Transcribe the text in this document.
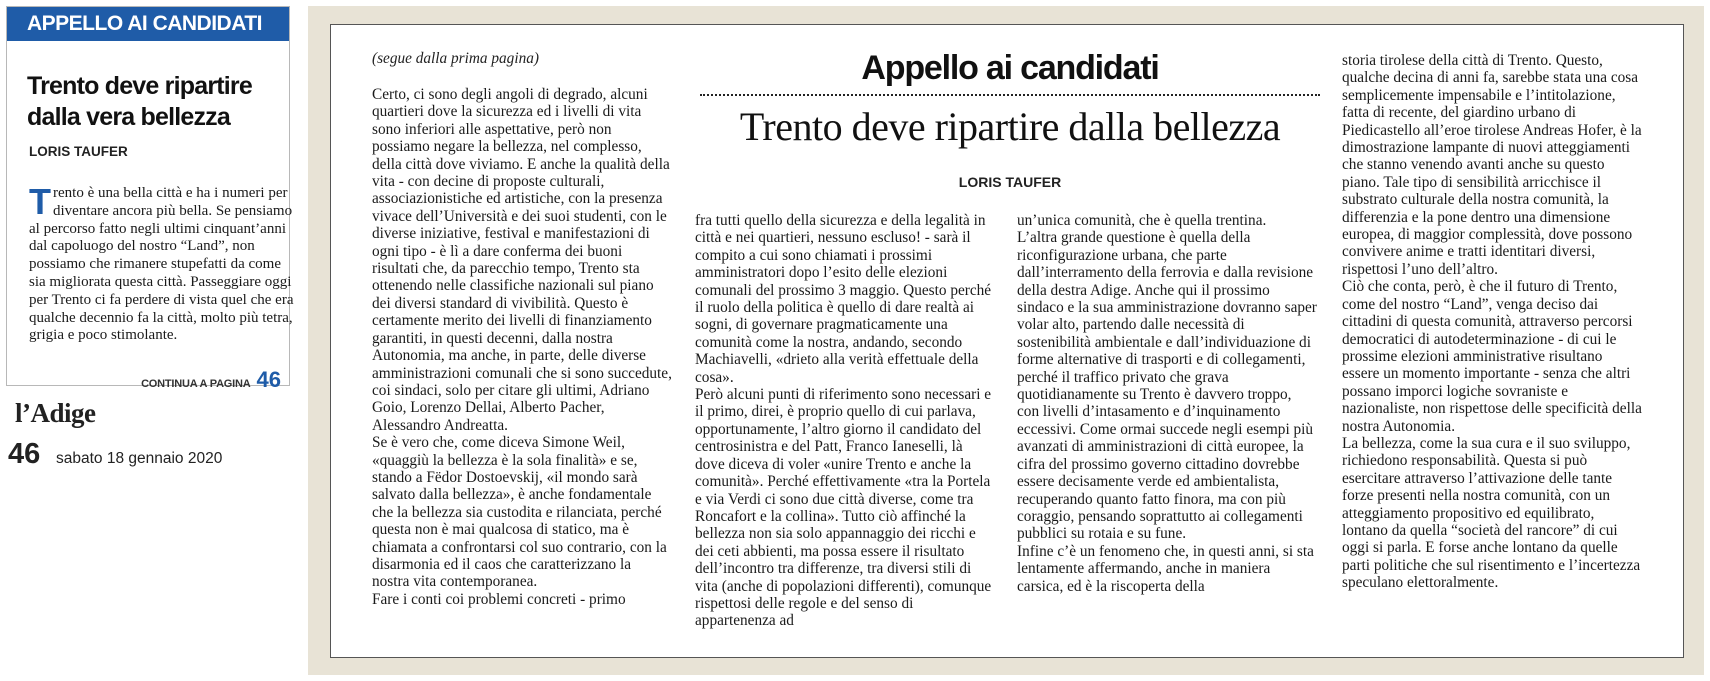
APPELLO AI CANDIDATI
Trento deve ripartire dalla vera bellezza
LORIS TAUFER
Trento è una bella città e ha i numeri per diventare ancora più bella. Se pensiamo al percorso fatto negli ultimi cinquant’anni dal capoluogo del nostro “Land”, non possiamo che rimanere stupefatti da come sia migliorata questa città. Passeggiare oggi per Trento ci fa perdere di vista quel che era qualche decennio fa la città, molto più tetra, grigia e poco stimolante.
CONTINUA A PAGINA 46
l’Adige
46 sabato 18 gennaio 2020
(segue dalla prima pagina)	Appello ai candidati
Trento deve ripartire dalla bellezza
LORIS TAUFER

Certo, ci sono degli angoli di degrado, alcuni quartieri dove la sicurezza ed i livelli di vita sono inferiori alle aspettative, però non possiamo negare la bellezza, nel complesso, della città dove viviamo. E anche la qualità della vita - con decine di proposte culturali, associazionistiche ed artistiche, con la presenza vivace dell’Università e dei suoi studenti, con le diverse iniziative, festival e manifestazioni di ogni tipo - è lì a dare conferma dei buoni risultati che, da parecchio tempo, Trento sta ottenendo nelle classifiche nazionali sul piano dei diversi standard di vivibilità. Questo è certamente merito dei livelli di finanziamento garantiti, in questi decenni, dalla nostra Autonomia, ma anche, in parte, delle diverse amministrazioni comunali che si sono succedute, coi sindaci, solo per citare gli ultimi, Adriano Goio, Lorenzo Dellai, Alberto Pacher, Alessandro Andreatta.

Se è vero che, come diceva Simone Weil, «quaggiù la bellezza è la sola finalità» e se, stando a Fëdor Dostoevskij, «il mondo sarà salvato dalla bellezza», è anche fondamentale che la bellezza sia custodita e rilanciata, perché questa non è mai qualcosa di statico, ma è chiamata a confrontarsi col suo contrario, con la disarmonia ed il caos che caratterizzano la nostra vita contemporanea.

Fare i conti coi problemi concreti - primo

fra tutti quello della sicurezza e della legalità in città e nei quartieri, nessuno escluso! - sarà il compito a cui sono chiamati i prossimi amministratori dopo l’esito delle elezioni comunali del prossimo 3 maggio. Questo perché il ruolo della politica è quello di dare realtà ai sogni, di governare pragmaticamente una comunità come la nostra, andando, secondo Machiavelli, «drieto alla verità effettuale della cosa».

Però alcuni punti di riferimento sono necessari e il primo, direi, è proprio quello di cui parlava, opportunamente, l’altro giorno il candidato del centrosinistra e del Patt, Franco Ianeselli, là dove diceva di voler «unire Trento e anche la comunità». Perché effettivamente «tra la Portela e via Verdi ci sono due città diverse, come tra Roncafort e la collina». Tutto ciò affinché la bellezza non sia solo appannaggio dei ricchi e dei ceti abbienti, ma possa essere il risultato dell’incontro tra differenze, tra diversi stili di vita (anche di popolazioni differenti), comunque rispettosi delle regole e del senso di appartenenza ad

un’unica comunità, che è quella trentina.

L’altra grande questione è quella della riconfigurazione urbana, che parte dall’interramento della ferrovia e dalla revisione della destra Adige. Anche qui il prossimo sindaco e la sua amministrazione dovranno saper volar alto, partendo dalle necessità di sostenibilità ambientale e dall’individuazione di forme alternative di trasporti e di collegamenti, perché il traffico privato che grava quotidianamente su Trento è davvero troppo, con livelli d’intasamento e d’inquinamento eccessivi. Come ormai succede negli esempi più avanzati di amministrazioni di città europee, la cifra del prossimo governo cittadino dovrebbe essere decisamente verde ed ambientalista, recuperando quanto fatto finora, ma con più coraggio, pensando soprattutto ai collegamenti pubblici su rotaia e su fune.

Infine c’è un fenomeno che, in questi anni, si sta lentamente affermando, anche in maniera carsica, ed è la riscoperta della

storia tirolese della città di Trento. Questo, qualche decina di anni fa, sarebbe stata una cosa semplicemente impensabile e l’intitolazione, fatta di recente, del giardino urbano di Piedicastello all’eroe tirolese Andreas Hofer, è la dimostrazione lampante di nuovi atteggiamenti che stanno venendo avanti anche su questo piano. Tale tipo di sensibilità arricchisce il substrato culturale della nostra comunità, la differenzia e la pone dentro una dimensione europea, di maggior complessità, dove possono convivere anime e tratti identitari diversi, rispettosi l’uno dell’altro.

Ciò che conta, però, è che il futuro di Trento, come del nostro “Land”, venga deciso dai cittadini di questa comunità, attraverso percorsi democratici di autodeterminazione - di cui le prossime elezioni amministrative risultano essere un momento importante - senza che altri possano imporci logiche sovraniste e nazionaliste, non rispettose delle specificità della nostra Autonomia.

La bellezza, come la sua cura e il suo sviluppo, richiedono responsabilità. Questa si può esercitare attraverso l’attivazione delle tante forze presenti nella nostra comunità, con un atteggiamento propositivo ed equilibrato, lontano da quella “società del rancore” di cui oggi si parla. E forse anche lontano da quelle parti politiche che sul risentimento e l’incertezza speculano elettoralmente.
